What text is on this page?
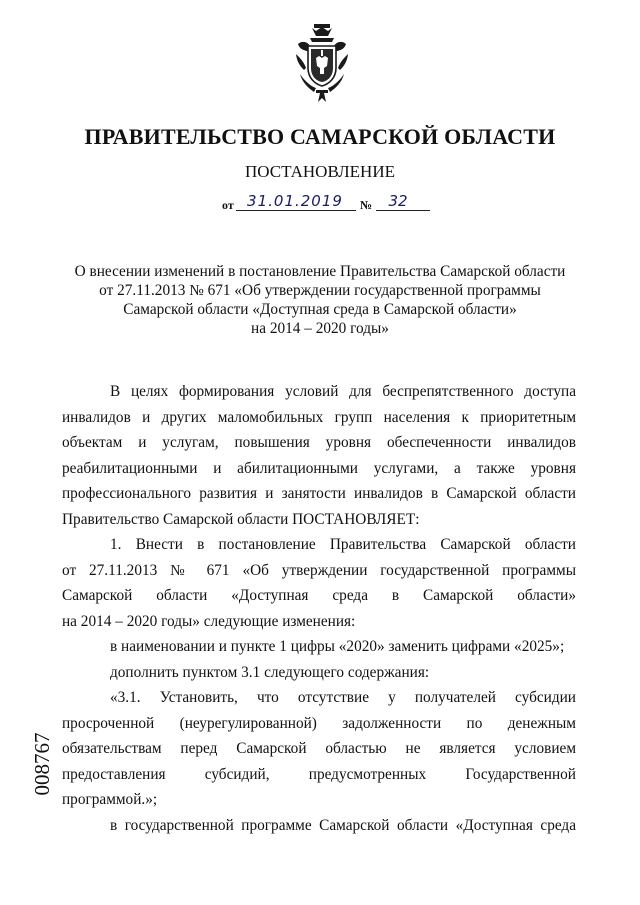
ПРАВИТЕЛЬСТВО САМАРСКОЙ ОБЛАСТИ
ПОСТАНОВЛЕНИЕ
от 31.01.2019	№	32
О внесении изменений в постановление Правительства Самарской области
от 27.11.2013 № 671 «Об утверждении государственной программы
Самарской области «Доступная среда в Самарской области»
на 2014 – 2020 годы»
В целях формирования условий для беспрепятственного доступа
инвалидов и других маломобильных групп населения к приоритетным
объектам и услугам, повышения уровня обеспеченности инвалидов
реабилитационными и абилитационными услугами, а также уровня
профессионального развития и занятости инвалидов в Самарской области
Правительство Самарской области ПОСТАНОВЛЯЕТ:
1. Внести в постановление Правительства Самарской области
от 27.11.2013 № 671 «Об утверждении государственной программы
Самарской области «Доступная среда в Самарской области»
на 2014 – 2020 годы» следующие изменения:
в наименовании и пункте 1 цифры «2020» заменить цифрами «2025»;
дополнить пунктом 3.1 следующего содержания:
«3.1. Установить, что отсутствие у получателей субсидии
просроченной (неурегулированной) задолженности по денежным
обязательствам перед Самарской областью не является условием
предоставления субсидий, предусмотренных Государственной
программой.»;
в государственной программе Самарской области «Доступная среда
008767
